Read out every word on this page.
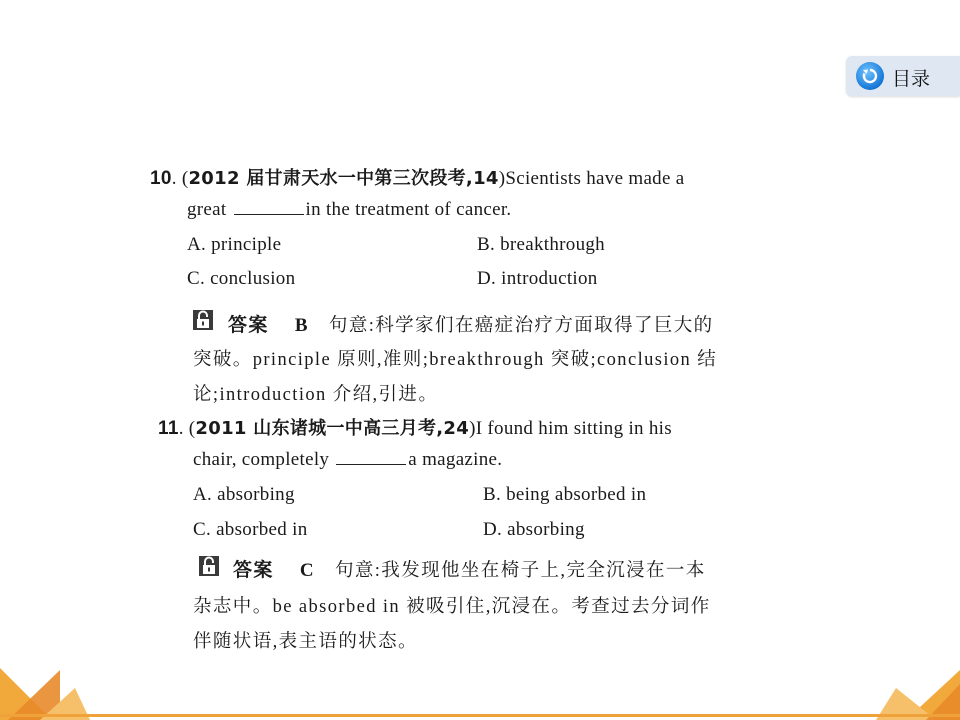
目录
10. (2012 届甘肃天水一中第三次段考,14)Scientists have made a
great	in the treatment of cancer.
A. principle	B. breakthrough
C. conclusion	D. introduction
答案 B 句意:科学家们在癌症治疗方面取得了巨大的
突破。principle 原则,准则;breakthrough 突破;conclusion 结
论;introduction 介绍,引进。
11. (2011 山东诸城一中高三月考,24)I found him sitting in his
chair, completely	a magazine.
A. absorbing	B. being absorbed in
C. absorbed in	D. absorbing
答案 C 句意:我发现他坐在椅子上,完全沉浸在一本
杂志中。be absorbed in 被吸引住,沉浸在。考查过去分词作
伴随状语,表主语的状态。
